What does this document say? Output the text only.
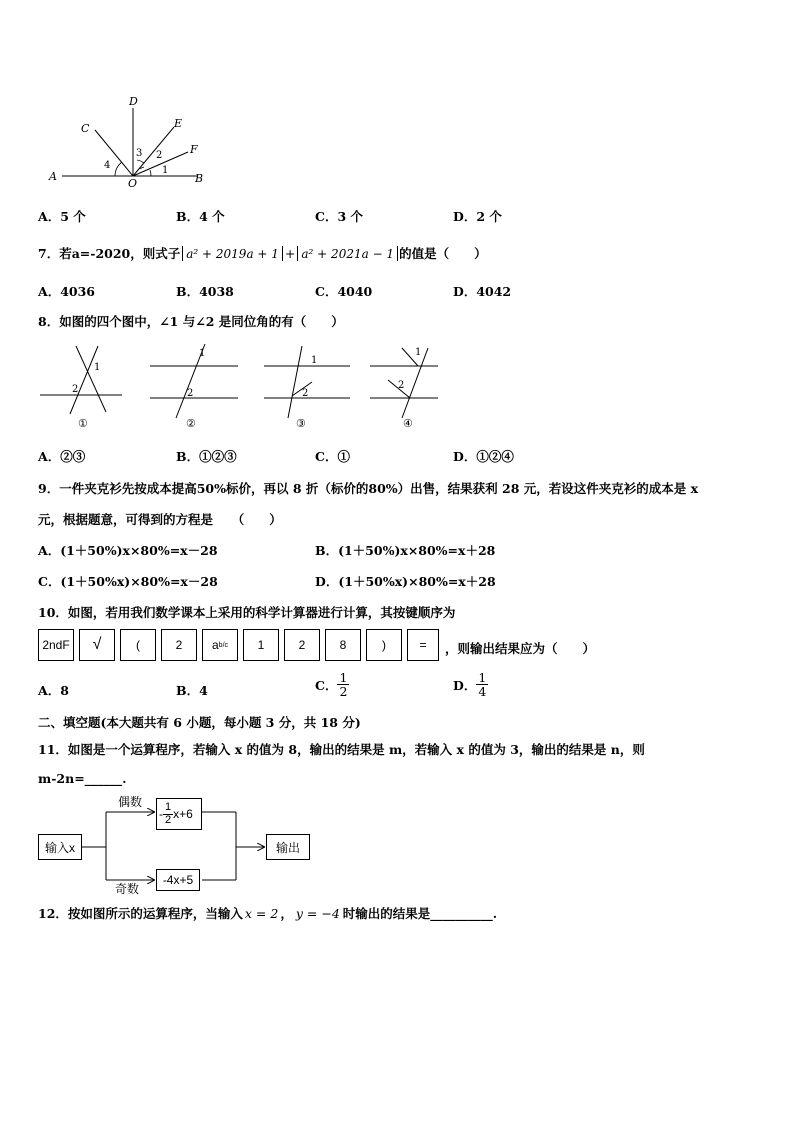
D
C	E
F
A
O	B
1
2
3
4
A．5 个	B．4 个	C．3 个	D．2 个
7．若a=-2020，则式子 a² + 2019a + 1 + a² + 2021a − 1 的值是（　　）
A．4036	B．4038	C．4040	D．4042
8．如图的四个图中，∠1 与∠2 是同位角的有（　　）
1
2
①
1
2
②
1
2
③
1
2
④
A．②③	B．①②③	C．①	D．①②④
9．一件夹克衫先按成本提高50%标价，再以 8 折（标价的80%）出售，结果获利 28 元，若设这件夹克衫的成本是 x
元，根据题意，可得到的方程是　　（　　）
A．(1＋50%)x×80%=x－28	B．(1＋50%)x×80%=x＋28
C．(1＋50%x)×80%=x－28	D．(1＋50%x)×80%=x＋28
10．如图，若用我们数学课本上采用的科学计算器进行计算，其按键顺序为
2ndF	√	(	2	a b/c	1	2	8	)	=	，则输出结果应为（　　）
A．8	B．4	C． $\frac{1}{2}$	D． $\frac{1}{4}$
二、填空题(本大题共有 6 小题，每小题 3 分，共 18 分)
11．如图是一个运算程序，若输入 x 的值为 8，输出的结果是 m，若输入 x 的值为 3，输出的结果是 n，则
m-2n=______.
输入x
偶数
奇数
- $\frac{1}{2} x+6$
-4x+5
输出
12．按如图所示的运算程序，当输入 x = 2 ， y = −4 时输出的结果是__________.
